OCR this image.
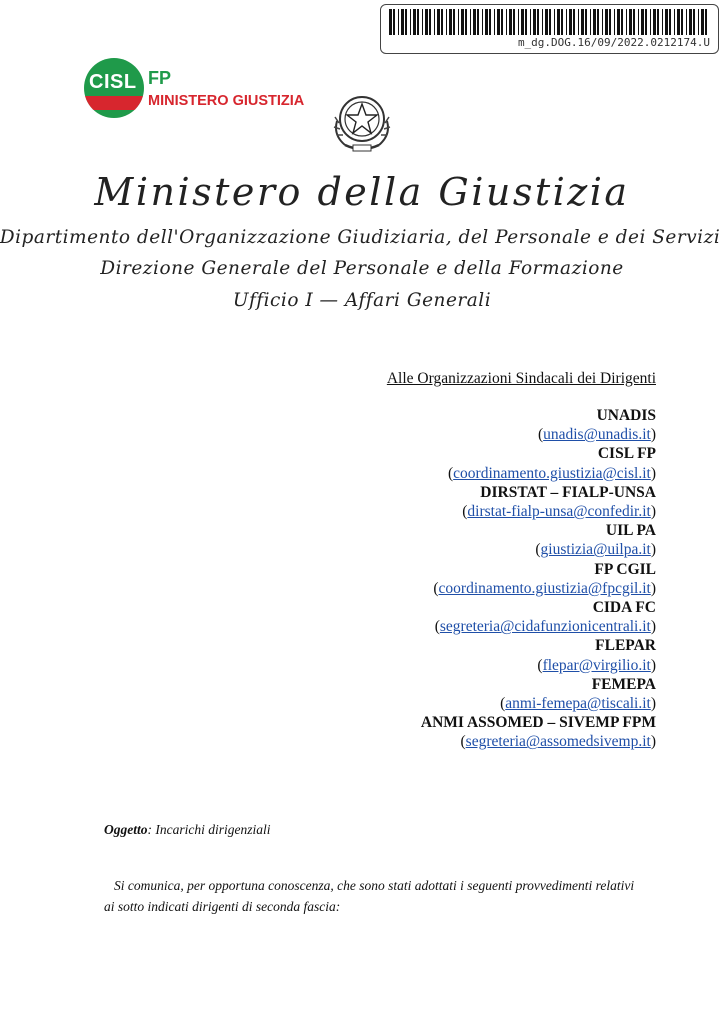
m_dg.DOG.16/09/2022.0212174.U
CISL FP
MINISTERO GIUSTIZIA
Ministero della Giustizia
Dipartimento dell'Organizzazione Giudiziaria, del Personale e dei Servizi
Direzione Generale del Personale e della Formazione
Ufficio I — Affari Generali
Alle Organizzazioni Sindacali dei Dirigenti
UNADIS
(unadis@unadis.it)
CISL FP
(coordinamento.giustizia@cisl.it)
DIRSTAT – FIALP-UNSA
(dirstat-fialp-unsa@confedir.it)
UIL PA
(giustizia@uilpa.it)
FP CGIL
(coordinamento.giustizia@fpcgil.it)
CIDA FC
(segreteria@cidafunzionicentrali.it)
FLEPAR
(flepar@virgilio.it)
FEMEPA
(anmi-femepa@tiscali.it)
ANMI ASSOMED – SIVEMP FPM
(segreteria@assomedsivemp.it)
Oggetto: Incarichi dirigenziali
Si comunica, per opportuna conoscenza, che sono stati adottati i seguenti provvedimenti relativi
ai sotto indicati dirigenti di seconda fascia:
